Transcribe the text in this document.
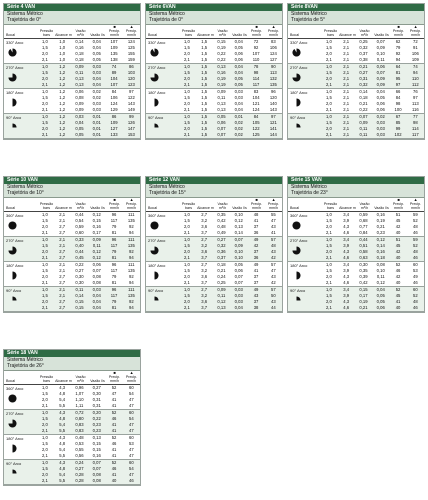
Série 4 VAN
Sistema Métrico
Trajetória de 0°
■	▲
Bocal
Pressão bars	Alcance m
Vazão m³/h	Vazão l/s
Precip. mm/h
Precip. mm/h
330° Arco	1,0	1,0	0,14	0,04	107	124
1,5	1,0	0,16	0,04	109	125
2,0	1,0	0,18	0,05	135	155
2,1	1,0	0,18	0,05	138	159
270° Arco	1,0	1,2	0,09	0,03	74	86
1,5	1,2	0,11	0,03	89	103
2,0	1,2	0,13	0,04	104	120
2,1	1,2	0,13	0,04	107	123
180° Arco	1,0	1,2	0,06	0,02	84	97
1,5	1,2	0,08	0,02	106	122
2,0	1,2	0,09	0,03	124	143
2,1	1,2	0,09	0,03	129	149
90° Arco	1,0	1,2	0,03	0,01	86	99
1,5	1,2	0,04	0,01	109	126
2,0	1,2	0,05	0,01	127	147
2,1	1,2	0,05	0,01	133	153
Série 6VAN
Sistema Métrico
Trajetória de 0°
■	▲
Bocal
Pressão bars	Alcance m
Vazão m³/h	Vazão l/s
Precip. mm/h
Precip. mm/h
330° Arco	1,0	1,5	0,15	0,04	72	83
1,5	1,5	0,19	0,05	92	106
2,0	1,5	0,22	0,06	107	124
2,1	1,5	0,22	0,06	110	127
270° Arco	1,0	1,5	0,13	0,04	78	90
1,5	1,5	0,16	0,04	98	113
2,0	1,5	0,19	0,05	114	132
2,1	1,5	0,19	0,05	117	135
180° Arco	1,0	1,5	0,09	0,03	83	96
1,5	1,5	0,11	0,03	104	120
2,0	1,5	0,13	0,04	121	140
2,1	1,5	0,13	0,04	124	143
90° Arco	1,0	1,5	0,05	0,01	84	97
1,5	1,5	0,06	0,02	105	121
2,0	1,5	0,07	0,02	122	141
2,1	1,5	0,07	0,02	125	144
Série 8VAN
Sistema Métrico
Trajetória de 5°
■	▲
Bocal
Pressão bars	Alcance m
Vazão m³/h	Vazão l/s
Precip. mm/h
Precip. mm/h
330° Arco	1,0	2,1	0,25	0,07	62	72
1,5	2,1	0,32	0,09	79	91
2,0	2,1	0,37	0,10	92	106
2,1	2,1	0,38	0,11	94	109
270° Arco	1,0	2,1	0,21	0,06	64	74
1,5	2,1	0,27	0,07	81	94
2,0	2,1	0,31	0,09	95	110
2,1	2,1	0,32	0,09	97	112
180° Arco	1,0	2,1	0,14	0,04	66	76
1,5	2,1	0,18	0,05	84	97
2,0	2,1	0,21	0,06	98	113
2,1	2,1	0,22	0,06	100	116
90° Arco	1,0	2,1	0,07	0,02	67	77
1,5	2,1	0,09	0,03	85	98
2,0	2,1	0,11	0,03	99	114
2,1	2,1	0,11	0,03	102	117
Série 10 VAN
Sistema Métrico
Trajetória de 10°
■	▲
Bocal
Pressão bars	Alcance m
Vazão m³/h	Vazão l/s
Precip. mm/h
Precip. mm/h
360° Arco	1,0	2,1	0,44	0,12	96	111
1,5	2,1	0,54	0,15	117	135
2,0	2,7	0,59	0,16	79	92
2,1	2,7	0,60	0,17	81	94
270° Arco	1,0	2,1	0,33	0,09	96	111
1,5	2,1	0,40	0,11	117	135
2,0	2,7	0,44	0,12	79	92
2,1	2,7	0,45	0,12	81	94
180° Arco	1,0	2,1	0,22	0,06	96	111
1,5	2,1	0,27	0,07	117	135
2,0	2,7	0,30	0,08	79	92
2,1	2,7	0,30	0,08	81	94
90° Arco	1,0	2,1	0,11	0,03	96	111
1,5	2,1	0,14	0,04	117	135
2,0	2,7	0,15	0,04	79	92
2,1	2,7	0,15	0,04	81	94
Série 12 VAN
Sistema Métrico
Trajetória de 15°
■	▲
Bocal
Pressão bars	Alcance m
Vazão m³/h	Vazão l/s
Precip. mm/h
Precip. mm/h
360° Arco	1,0	2,7	0,35	0,10	48	55
1,5	3,2	0,42	0,12	41	47
2,0	3,6	0,48	0,13	37	43
2,1	3,7	0,49	0,14	36	41
270° Arco	1,0	2,7	0,27	0,07	49	57
1,5	3,2	0,32	0,09	42	48
2,0	3,6	0,36	0,10	37	43
2,1	3,7	0,37	0,10	36	42
180° Arco	1,0	2,7	0,18	0,05	49	57
1,5	3,2	0,21	0,06	41	47
2,0	3,6	0,24	0,07	37	43
2,1	3,7	0,25	0,07	37	42
90° Arco	1,0	2,7	0,09	0,03	49	57
1,5	3,2	0,11	0,03	43	50
2,0	3,6	0,12	0,03	37	43
2,1	3,7	0,13	0,04	38	44
Série 15 VAN
Sistema Métrico
Trajetória de 23°
■	▲
Bocal
Pressão bars	Alcance m
Vazão m³/h	Vazão l/s
Precip. mm/h
Precip. mm/h
360° Arco	1,0	3,4	0,59	0,16	51	59
1,5	3,9	0,68	0,19	45	52
2,0	4,3	0,77	0,21	42	48
2,1	4,6	0,84	0,23	40	46
270° Arco	1,0	3,4	0,44	0,12	51	59
1,5	3,9	0,51	0,14	45	52
2,0	4,3	0,58	0,16	42	48
2,1	4,6	0,63	0,18	40	46
180° Arco	1,0	3,4	0,30	0,08	52	60
1,5	3,9	0,35	0,10	46	53
2,0	4,3	0,39	0,11	42	49
2,1	4,6	0,42	0,12	40	46
90° Arco	1,0	3,4	0,15	0,04	52	60
1,5	3,9	0,17	0,05	45	52
2,0	4,3	0,19	0,05	41	48
2,1	4,6	0,21	0,06	40	46
Série 18 VAN
Sistema Métrico
Trajetória de 26°
■	▲
Bocal
Pressão bars	Alcance m
Vazão m³/h	Vazão l/s
Precip. mm/h
Precip. mm/h
360° Arco	1,0	4,3	0,96	0,27	52	60
1,5	4,8	1,07	0,30	47	54
2,0	5,4	1,10	0,31	41	47
2,1	5,5	1,11	0,31	41	47
270° Arco	1,0	4,3	0,72	0,20	52	60
1,5	4,8	0,80	0,22	46	54
2,0	5,4	0,83	0,23	41	47
2,1	5,5	0,83	0,23	41	47
180° Arco	1,0	4,3	0,48	0,13	52	60
1,5	4,8	0,53	0,15	46	53
2,0	5,4	0,55	0,15	41	47
2,1	5,5	0,56	0,16	41	47
90° Arco	1,0	4,3	0,24	0,07	52	60
1,5	4,8	0,27	0,07	46	54
2,0	5,4	0,28	0,08	41	47
2,1	5,5	0,28	0,08	40	46
